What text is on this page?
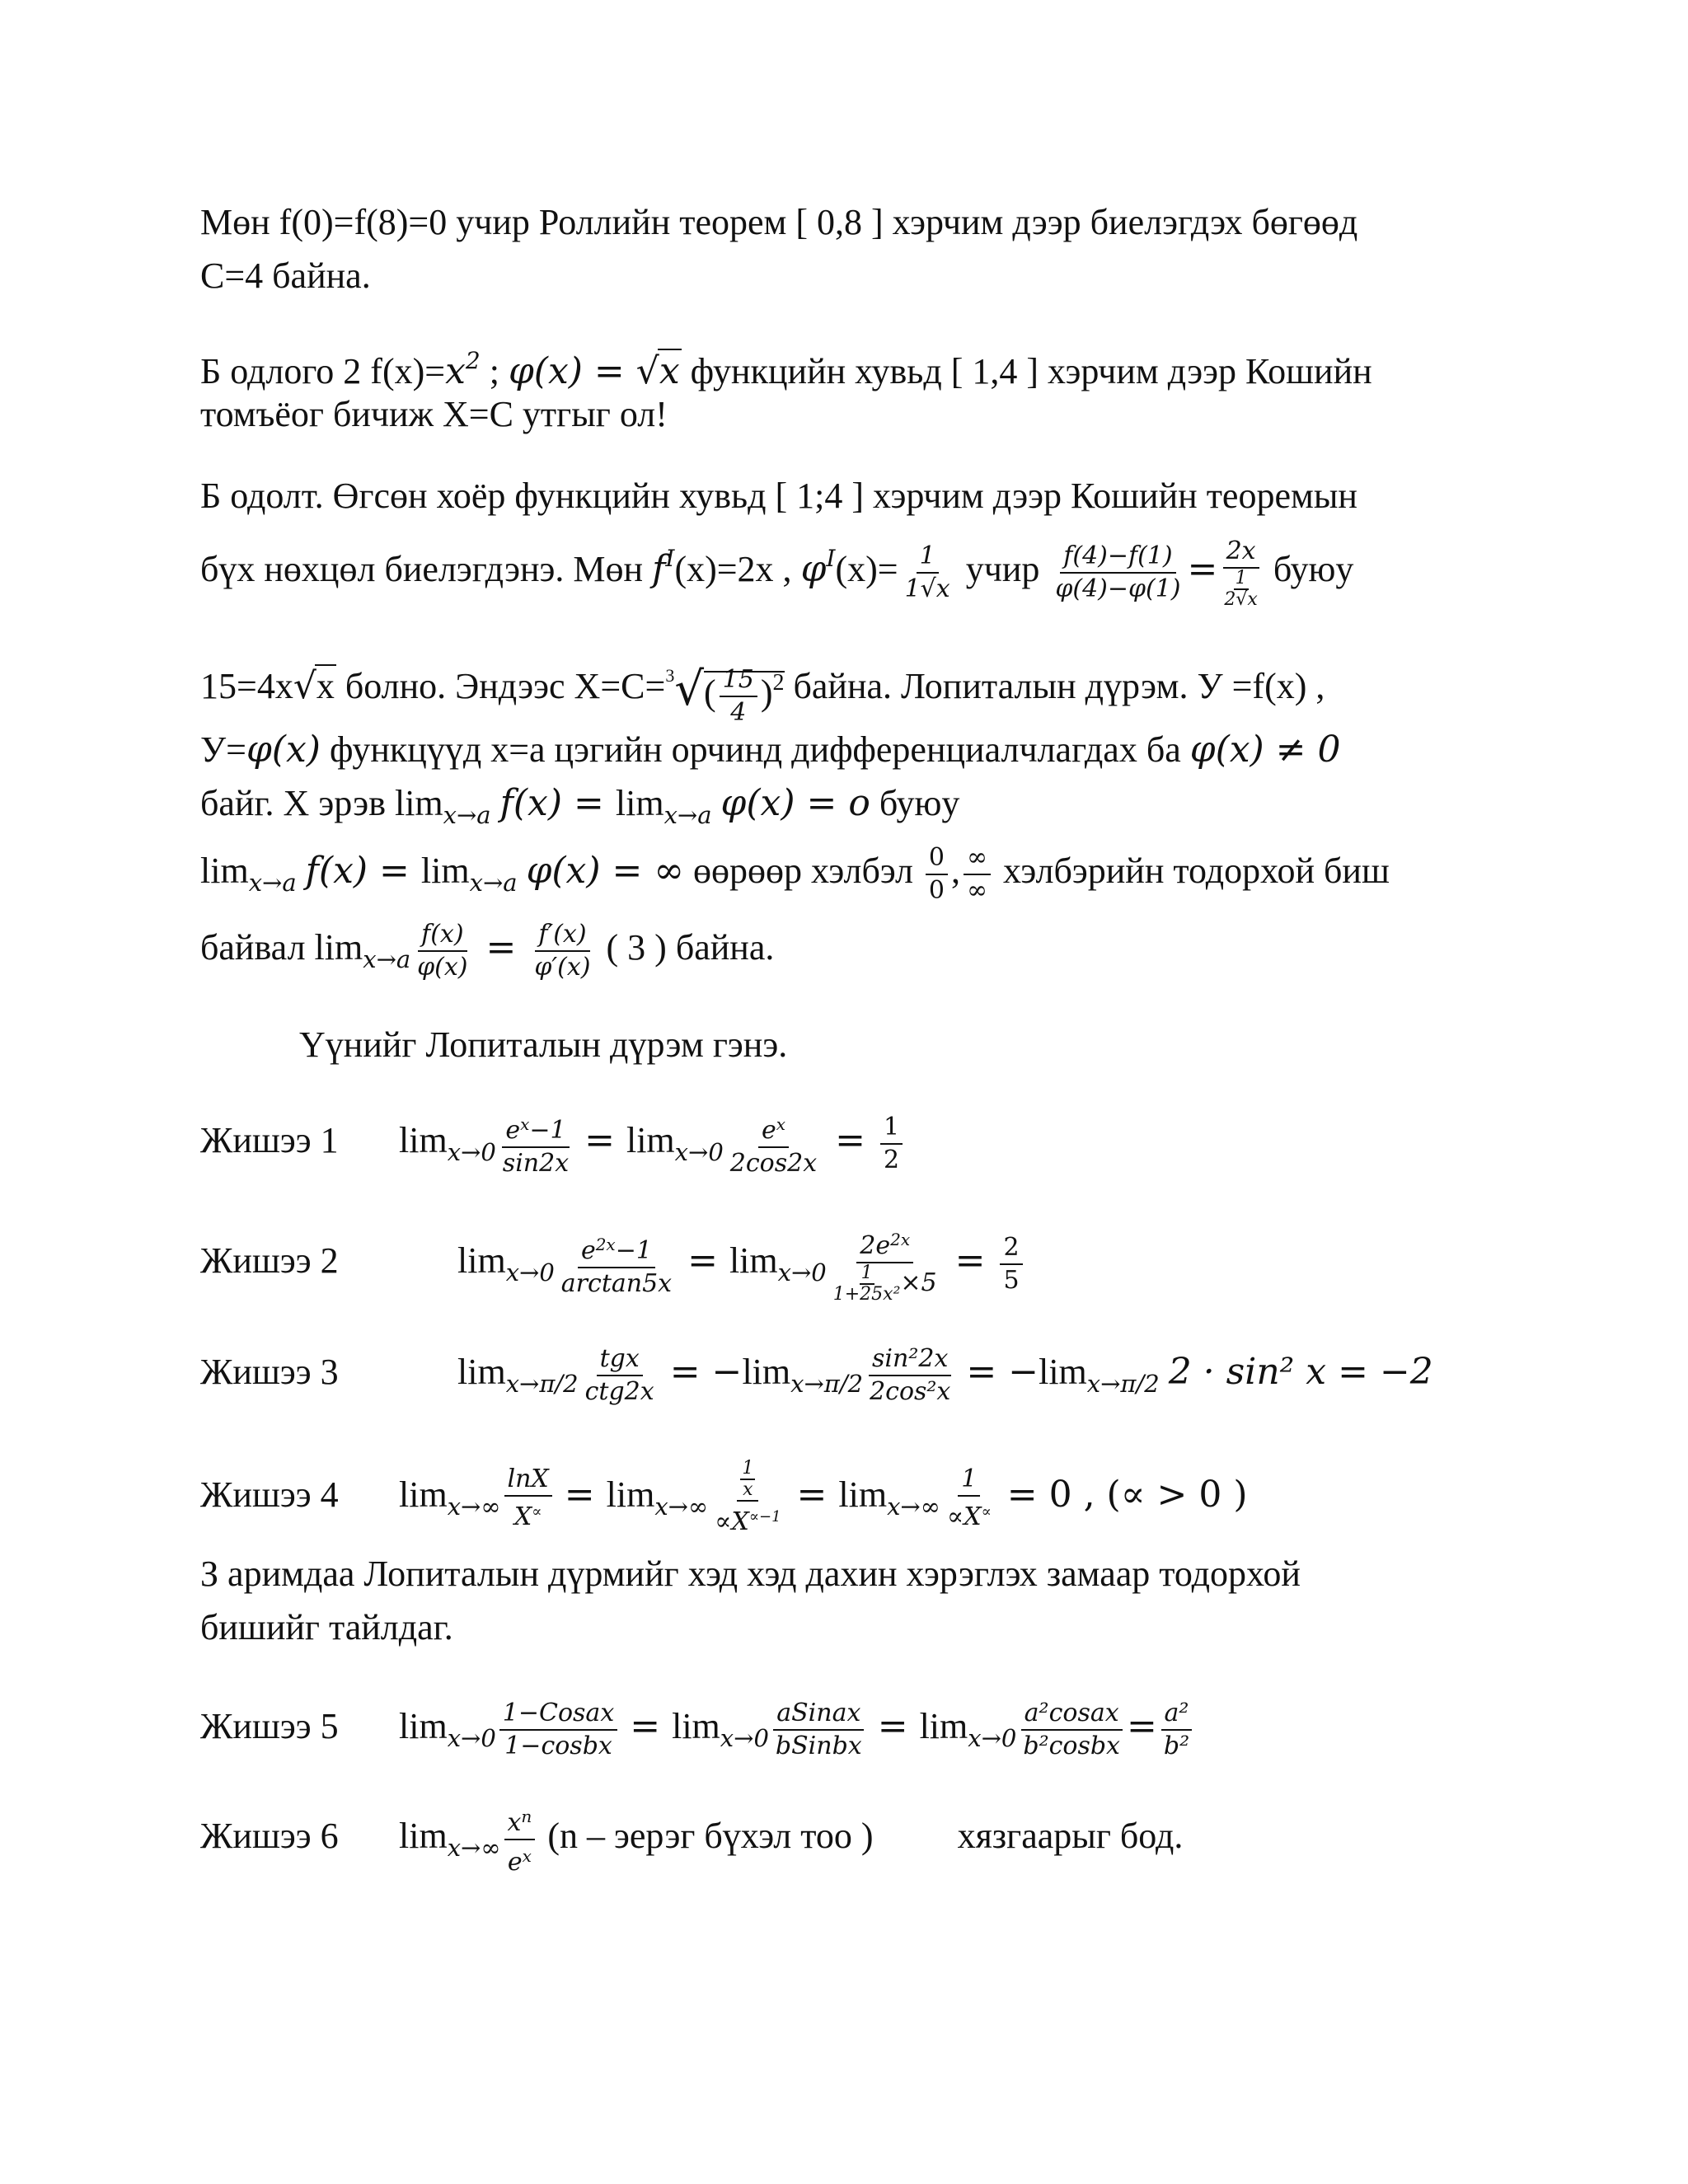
Мөн f(0)=f(8)=0 учир Роллийн теорем [ 0,8 ] хэрчим дээр биелэгдэх бөгөөд
C=4 байна.
Б одлого 2 $f(x)=x^2$ ; φ(x) = √x функцийн хувьд [ 1,4 ] хэрчим дээр Кошийн
томъёог бичиж X=C утгыг ол!
Б одолт. Өгсөн хоёр функцийн хувьд [ 1;4 ] хэрчим дээр Кошийн теоремын
бүх нөхцөл биелэгдэнэ. Мөн $f^I(x)=2x$ , $\varphi^I(x)= \frac{1}{1√x}$ учир $\frac{f(4)-f(1)}{\varphi(4)-\varphi(1)} = \frac{2x}{\frac{1}{2√x}}$ буюу
15=4x√x болно. Эндээс $X=C=^3√( \frac{15}{4} )^2$ байна. Лопиталын дүрэм. У =f(x) ,
У=φ(x) функцүүд x=a цэгийн орчинд дифференциалчлагдах ба φ(x) ≠ 0
байг. Х эрэв $\lim_{x\to a} f(x) = \lim_{x\to a} \varphi(x) = o$ буюу
$\lim_{x\to a} f(x) = \lim_{x\to a} \varphi(x)$ = ∞ өөрөөр хэлбэл $\frac{0}{0}$ , $\frac{\infty}{\infty}$ хэлбэрийн тодорхой биш
байвал $\lim_{x\to a} \frac{f(x)}{\varphi(x)} = \frac{f'(x)}{\varphi'(x)}$ ( 3 ) байна.
Үүнийг Лопиталын дүрэм гэнэ.
Жишээ 1 $\lim_{x\to 0} \frac{e^x-1}{\sin 2x} = \lim_{x\to 0} \frac{e^x}{2\cos 2x} = \frac{1}{2}$
Жишээ 2	$\lim_{x\to 0} \frac{e^{2x}-1}{\arctan 5x} = \lim_{x\to 0} \frac{2e^{2x}}{\frac{1}{\text{1+25x²}} \times 5} = \frac{2}{5}$
Жишээ 3	$\lim_{x\to\pi/2} \frac{\text{tgx}}{\text{ctg2x}} = -\lim_{x\to\pi/2} \frac{\text{sin²2x}}{\text{2cos²x}} = -\lim_{x\to\pi/2}$ 2 · sin² x = −2
Жишээ 4 $\lim_{x\to\infty} \frac{\ln X}{X^\propto} = \lim_{x\to\infty} \frac{\frac{1}{x}}{\propto X^{\propto-1}} = \lim_{x\to\infty} \frac{1}{\propto X^\propto} = 0$ , (∝ > 0 )
З аримдаа Лопиталын дүрмийг хэд хэд дахин хэрэглэх замаар тодорхой
бишийг тайлдаг.
Жишээ 5 $\lim_{x\to 0} \frac{\text{1−Cosax}}{\text{1−cosbx}} = \lim_{x\to 0} \frac{\text{aSinax}}{\text{bSinbx}} = \lim_{x\to 0} \frac{\text{a²cosax}}{\text{b²cosbx}} = \frac{\text{a²}}{\text{b²}}$
Жишээ 6 $\lim_{x\to\infty} \frac{x^n}{e^x} (n$ – эерэг бүхэл тоо ) хязгаарыг бод.
